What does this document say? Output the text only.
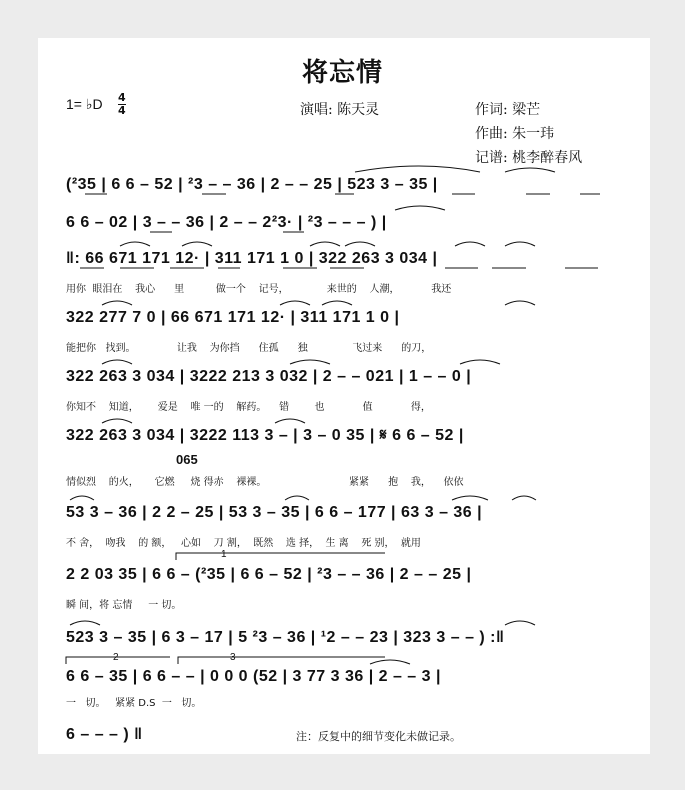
将忘情
1= ♭D 4
4	演唱: 陈天灵	作词: 梁芒
作曲: 朱一玮
记谱: 桃李醉春风
(²35 | 6 6 – 52 | ²3 – – 36 | 2 – – 25 | 523 3 – 35 |
6 6 – 02 | 3 – – 36 | 2 – – 2²3· | ²3 – – – ) |
‖: 66 671 171 12· | 311 171 1 0 | 322 263 3 034 |
用你  眼泪在    我心      里          做一个    记号，            来世的    人潮，          我还
322 277 7 0 | 66 671 171 12· | 311 171 1 0 |
能把你   找到。             让我    为你挡      住孤      独              飞过来      的刀，
322 263 3 034 | 3222 213 3 032 | 2 – – 021 | 1 – – 0 |
你知不    知道，      爱是    唯 一的    解药。    错        也            值            得，
322 263 3 034 | 3222 113 3 – | 3 – 0 35 | 𝄋 6 6 – 52 |
065
情似烈    的火，     它燃     烧 得赤    裸裸。                          紧紧      抱    我，    依依
53 3 – 36 | 2 2 – 25 | 53 3 – 35 | 6 6 – 177 | 63 3 – 36 |
不 舍，  吻我    的 额，   心如    刀 割，  既然    选 择，  生 离    死 别，  就用
2 2 03 35 | 6 6 – (²35 | 6 6 – 52 | ²3 – – 36 | 2 – – 25 |
瞬 间，将 忘情     一 切。
523 3 – 35 | 6 3 – 17 | 5 ²3 – 36 | ¹2 – – 23 | 323 3 – – ) :‖
6 6 – 35 | 6 6 – – | 0 0 0 (52 | 3 77 3 36 | 2 – – 3 |
一   切。   紧紧 D.S  一   切。
6 – – – ) ‖
1
2	3
注：反复中的细节变化未做记录。
